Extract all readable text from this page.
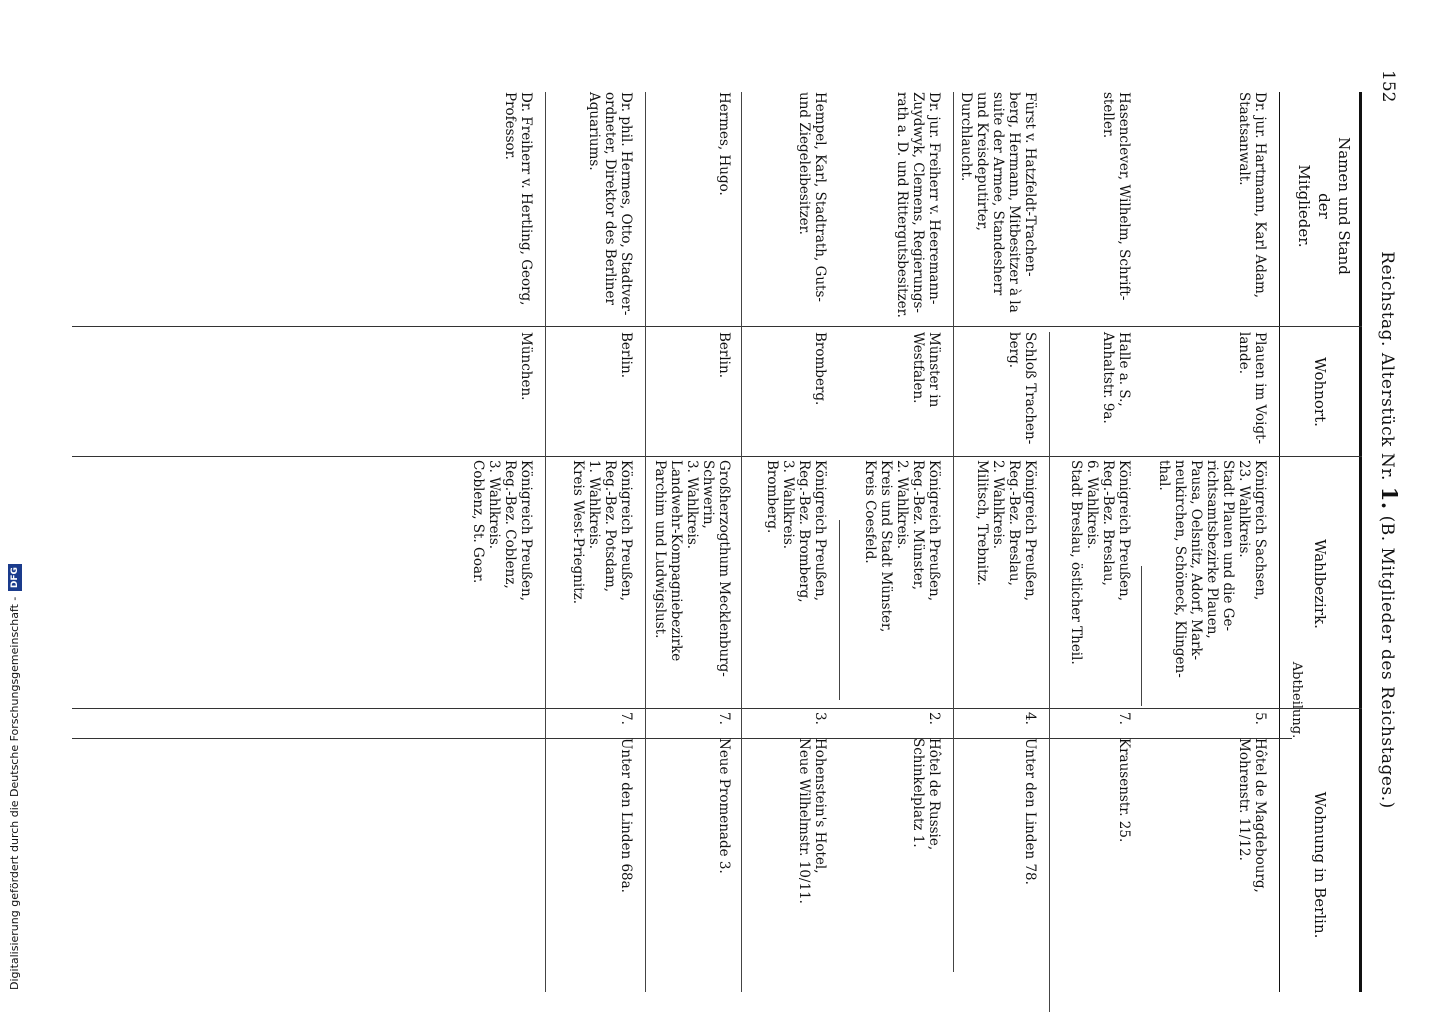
Digitalisierung gefördert durch die Deutsche Forschungsgemeinschaft - DFG
152
Reichstag. Alterstück Nr. 1. (B. Mitglieder des Reichstages.)
Namen und Stand
der
Mitglieder.
Wohnort.
Wahlbezirk.
Abtheilung.
Wohnung in Berlin.
Dr. jur. Hartmann, Karl Adam, Staatsanwalt.
Plauen im Voigt-
lande.
Königreich Sachsen,
23. Wahlkreis.
Stadt Plauen und die Ge-
richtsamtsbezirke Plauen,
Pausa, Oelsnitz, Adorf, Mark-
neukirchen, Schöneck, Klingen-
thal.
5.
Hôtel de Magdebourg,
Mohrenstr. 11/12.
Hasenclever, Wilhelm, Schrift-
steller.
Halle a. S.,
Anhaltstr. 9a.
Königreich Preußen,
Reg.-Bez. Breslau,
6. Wahlkreis.
Stadt Breslau, östlicher Theil.
7.
Krausenstr. 25.
Fürst v. Hatzfeldt-Trachen-
berg, Hermann, Mitbesitzer à la
suite der Armee, Standesherr
und Kreisdeputirter, Durchlaucht.
Schloß Trachen-
berg.
Königreich Preußen,
Reg.-Bez. Breslau,
2. Wahlkreis.
Militsch, Trebnitz.
4.
Unter den Linden 78.
Dr. jur. Freiherr v. Heeremann-
Zuydwyk, Clemens, Regierungs-
rath a. D. und Rittergutsbesitzer.
Münster in
Westfalen.
Königreich Preußen,
Reg.-Bez. Münster,
2. Wahlkreis.
Kreis und Stadt Münster,
Kreis Coesfeld.
2.
Hôtel de Russie,
Schinkelplatz 1.
Hempel, Karl, Stadtrath, Guts-
und Ziegeleibesitzer.
Bromberg.
Königreich Preußen,
Reg.-Bez. Bromberg,
3. Wahlkreis.
Bromberg.
3.
Hohenstein's Hotel,
Neue Wilhelmstr. 10/11.
Hermes, Hugo.
Berlin.
Großherzogthum Mecklenburg-
Schwerin,
3. Wahlkreis.
Landwehr-Kompagniebezirke
Parchim und Ludwigslust.
7.
Neue Promenade 3.
Dr. phil. Hermes, Otto, Stadtver-
ordneter, Direktor des Berliner
Aquariums.
Berlin.
Königreich Preußen,
Reg.-Bez. Potsdam,
1. Wahlkreis.
Kreis West-Priegnitz.
7.
Unter den Linden 68a.
Dr. Freiherr v. Hertling, Georg,
Professor.
München.
Königreich Preußen,
Reg.-Bez. Coblenz,
3. Wahlkreis.
Coblenz, St. Goar.
